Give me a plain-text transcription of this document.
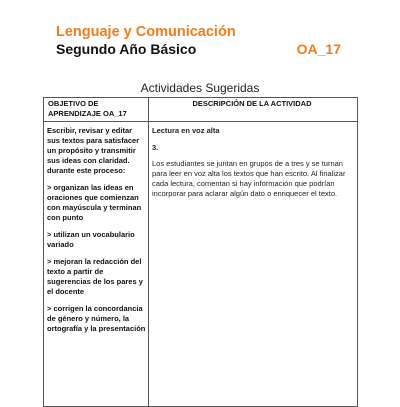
Lenguaje y Comunicación
Segundo Año Básico	OA_17
Actividades Sugeridas
OBJETIVO DE APRENDIZAJE OA_17
DESCRIPCIÓN DE LA ACTIVIDAD

Escribir, revisar y editar sus textos para satisfacer un propósito y transmitir sus ideas con claridad. durante este proceso:

> organizan las ideas en oraciones que comienzan con mayúscula y terminan con punto

> utilizan un vocabulario variado

> mejoran la redacción del texto a partir de sugerencias de los pares y el docente

> corrigen la concordancia de género y número, la ortografía y la presentación

Lectura en voz alta

3.

Los estudiantes se juntan en grupos de a tres y se turnan para leer en voz alta los textos que han escrito. Al finalizar cada lectura, comentan si hay información que podrían incorporar para aclarar algún dato o enriquecer el texto.
